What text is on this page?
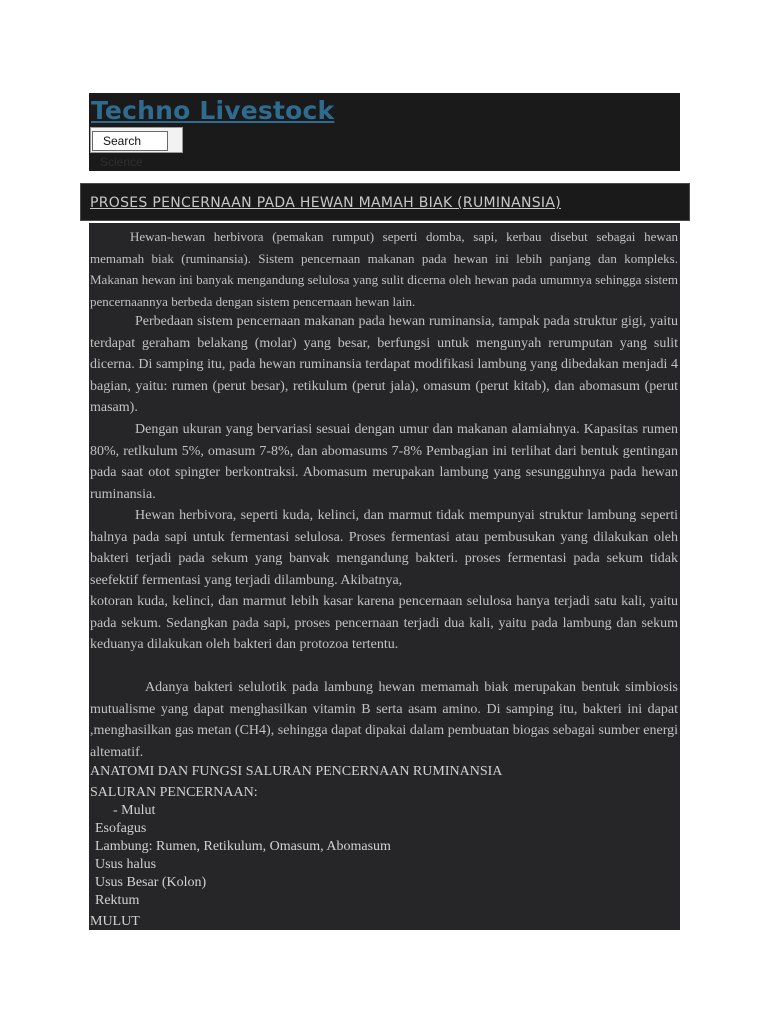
Techno Livestock
Search
• Science
PROSES PENCERNAAN PADA HEWAN MAMAH BIAK (RUMINANSIA)

Hewan-hewan herbivora (pemakan rumput) seperti domba, sapi, kerbau disebut sebagai hewan memamah biak (ruminansia). Sistem pencernaan makanan pada hewan ini lebih panjang dan kompleks. Makanan hewan ini banyak mengandung selulosa yang sulit dicerna oleh hewan pada umumnya sehingga sistem pencernaannya berbeda dengan sistem pencernaan hewan lain.

Perbedaan sistem pencernaan makanan pada hewan ruminansia, tampak pada struktur gigi, yaitu terdapat geraham belakang (molar) yang besar, berfungsi untuk mengunyah rerumputan yang sulit dicerna. Di samping itu, pada hewan ruminansia terdapat modifikasi lambung yang dibedakan menjadi 4 bagian, yaitu: rumen (perut besar), retikulum (perut jala), omasum (perut kitab), dan abomasum (perut masam).

Dengan ukuran yang bervariasi sesuai dengan umur dan makanan alamiahnya. Kapasitas rumen 80%, retlkulum 5%, omasum 7-8%, dan abomasums 7-8% Pembagian ini terlihat dari bentuk gentingan pada saat otot spingter berkontraksi. Abomasum merupakan lambung yang sesungguhnya pada hewan ruminansia.

Hewan herbivora, seperti kuda, kelinci, dan marmut tidak mempunyai struktur lambung seperti halnya pada sapi untuk fermentasi selulosa. Proses fermentasi atau pembusukan yang dilakukan oleh bakteri terjadi pada sekum yang banvak mengandung bakteri. proses fermentasi pada sekum tidak seefektif fermentasi yang terjadi dilambung. Akibatnya,
kotoran kuda, kelinci, dan marmut lebih kasar karena pencernaan selulosa hanya terjadi satu kali, yaitu pada sekum. Sedangkan pada sapi, proses pencernaan terjadi dua kali, yaitu pada lambung dan sekum keduanya dilakukan oleh bakteri dan protozoa tertentu.

Adanya bakteri selulotik pada lambung hewan memamah biak merupakan bentuk simbiosis mutualisme yang dapat menghasilkan vitamin B serta asam amino. Di samping itu, bakteri ini dapat ,menghasilkan gas metan (CH4), sehingga dapat dipakai dalam pembuatan biogas sebagai sumber energi altematif.

ANATOMI DAN FUNGSI SALURAN PENCERNAAN RUMINANSIA
SALURAN PENCERNAAN:
- Mulut
MULUT
- Esofagus
- Lambung: Rumen, Retikulum, Omasum, Abomasum
- Usus halus
- Usus Besar (Kolon)
- Rektum
